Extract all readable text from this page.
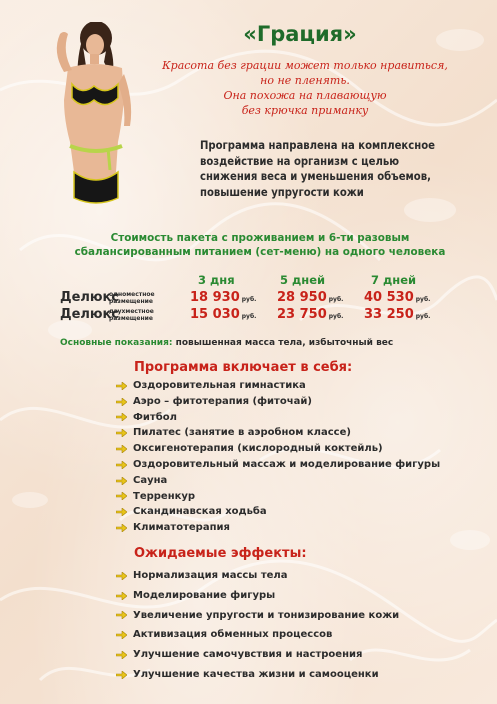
«Грация»
Красота без грации может только нравиться,
но не пленять.
Она похожа на плавающую
без крючка приманку
Программа направлена на комплексное
воздействие на организм с целью
снижения веса и уменьшения объемов,
повышение упругости кожи
Стоимость пакета с проживанием и 6-ти разовым
сбалансированным питанием (сет-меню) на одного человека
3 дня	5 дней	7 дней
Делюкс
одноместное
размещение	18 930 руб. 28 950 руб. 40 530 руб.
Делюкс
двухместное
размещение	15 030 руб. 23 750 руб. 33 250 руб.
Основные показания: повышенная масса тела, избыточный вес
Программа включает в себя:
Оздоровительная гимнастика
Аэро – фитотерапия (фиточай)
Фитбол
Пилатес (занятие в аэробном классе)
Оксигенотерапия (кислородный коктейль)
Оздоровительный массаж и моделирование фигуры
Сауна
Терренкур
Скандинавская ходьба
Климатотерапия
Ожидаемые эффекты:
Нормализация массы тела
Моделирование фигуры
Увеличение упругости и тонизирование кожи
Активизация обменных процессов
Улучшение самочувствия и настроения
Улучшение качества жизни и самооценки
